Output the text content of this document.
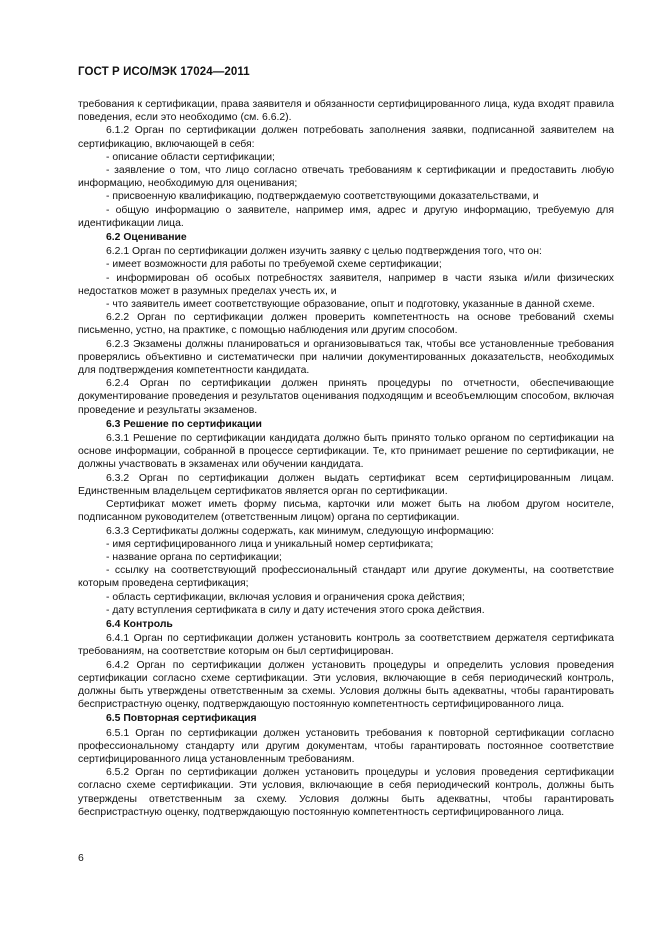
ГОСТ Р ИСО/МЭК 17024—2011

требования к сертификации, права заявителя и обязанности сертифицированного лица, куда входят правила поведения, если это необходимо (см. 6.6.2).

6.1.2 Орган по сертификации должен потребовать заполнения заявки, подписанной заявителем на сертификацию, включающей в себя:

- описание области сертификации;

- заявление о том, что лицо согласно отвечать требованиям к сертификации и предоставить любую информацию, необходимую для оценивания;

- присвоенную квалификацию, подтверждаемую соответствующими доказательствами, и

- общую информацию о заявителе, например имя, адрес и другую информацию, требуемую для идентификации лица.

6.2 Оценивание

6.2.1 Орган по сертификации должен изучить заявку с целью подтверждения того, что он:

- имеет возможности для работы по требуемой схеме сертификации;

- информирован об особых потребностях заявителя, например в части языка и/или физических недостатков может в разумных пределах учесть их, и

- что заявитель имеет соответствующие образование, опыт и подготовку, указанные в данной схеме.

6.2.2 Орган по сертификации должен проверить компетентность на основе требований схемы письменно, устно, на практике, с помощью наблюдения или другим способом.

6.2.3 Экзамены должны планироваться и организовываться так, чтобы все установленные требования проверялись объективно и систематически при наличии документированных доказательств, необходимых для подтверждения компетентности кандидата.

6.2.4 Орган по сертификации должен принять процедуры по отчетности, обеспечивающие документирование проведения и результатов оценивания подходящим и всеобъемлющим способом, включая проведение и результаты экзаменов.

6.3 Решение по сертификации

6.3.1 Решение по сертификации кандидата должно быть принято только органом по сертификации на основе информации, собранной в процессе сертификации. Те, кто принимает решение по сертификации, не должны участвовать в экзаменах или обучении кандидата.

6.3.2 Орган по сертификации должен выдать сертификат всем сертифицированным лицам. Единственным владельцем сертификатов является орган по сертификации.

Сертификат может иметь форму письма, карточки или может быть на любом другом носителе, подписанном руководителем (ответственным лицом) органа по сертификации.

6.3.3 Сертификаты должны содержать, как минимум, следующую информацию:

- имя сертифицированного лица и уникальный номер сертификата;

- название органа по сертификации;

- ссылку на соответствующий профессиональный стандарт или другие документы, на соответствие которым проведена сертификация;

- область сертификации, включая условия и ограничения срока действия;

- дату вступления сертификата в силу и дату истечения этого срока действия.

6.4 Контроль

6.4.1 Орган по сертификации должен установить контроль за соответствием держателя сертификата требованиям, на соответствие которым он был сертифицирован.

6.4.2 Орган по сертификации должен установить процедуры и определить условия проведения сертификации согласно схеме сертификации. Эти условия, включающие в себя периодический контроль, должны быть утверждены ответственным за схемы. Условия должны быть адекватны, чтобы гарантировать беспристрастную оценку, подтверждающую постоянную компетентность сертифицированного лица.

6.5 Повторная сертификация

6.5.1 Орган по сертификации должен установить требования к повторной сертификации согласно профессиональному стандарту или другим документам, чтобы гарантировать постоянное соответствие сертифицированного лица установленным требованиям.

6.5.2 Орган по сертификации должен установить процедуры и условия проведения сертификации согласно схеме сертификации. Эти условия, включающие в себя периодический контроль, должны быть утверждены ответственным за схему. Условия должны быть адекватны, чтобы гарантировать беспристрастную оценку, подтверждающую постоянную компетентность сертифицированного лица.

6
